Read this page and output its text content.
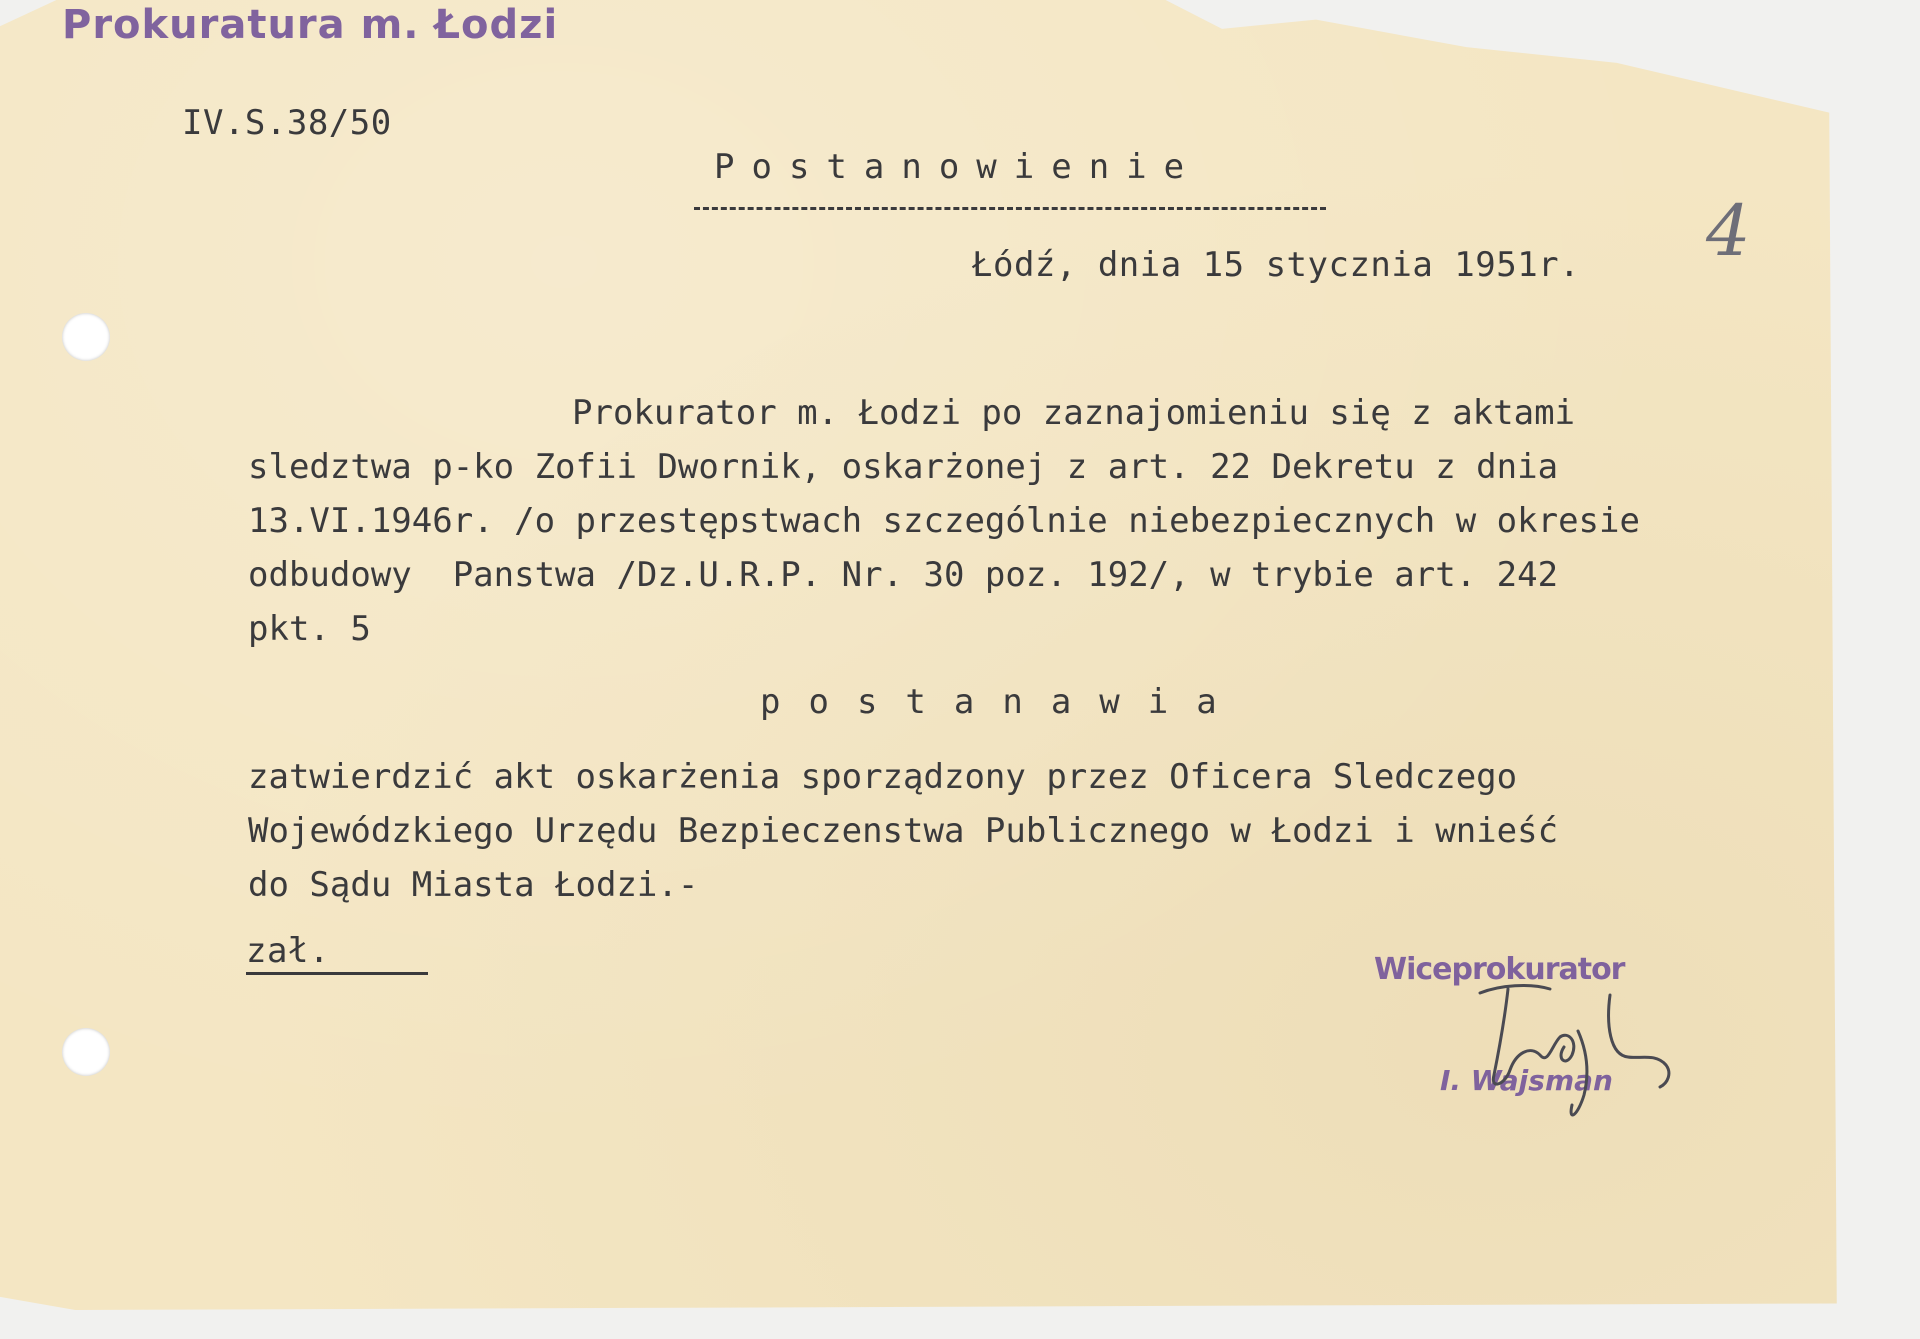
Prokuratura m. Łodzi
IV.S.38/50
Postanowienie
Łódź, dnia 15 stycznia 1951r. 4
Prokurator m. Łodzi po zaznajomieniu się z aktami
sledztwa p-ko Zofii Dwornik, oskarżonej z art. 22 Dekretu z dnia
13.VI.1946r. /o przestępstwach szczególnie niebezpiecznych w okresie
odbudowy  Panstwa /Dz.U.R.P. Nr. 30 poz. 192/, w trybie art. 242
pkt. 5
postanawia
zatwierdzić akt oskarżenia sporządzony przez Oficera Sledczego
Wojewódzkiego Urzędu Bezpieczenstwa Publicznego w Łodzi i wnieść
do Sądu Miasta Łodzi.-
zał.	Wiceprokurator
I. Wajsman
